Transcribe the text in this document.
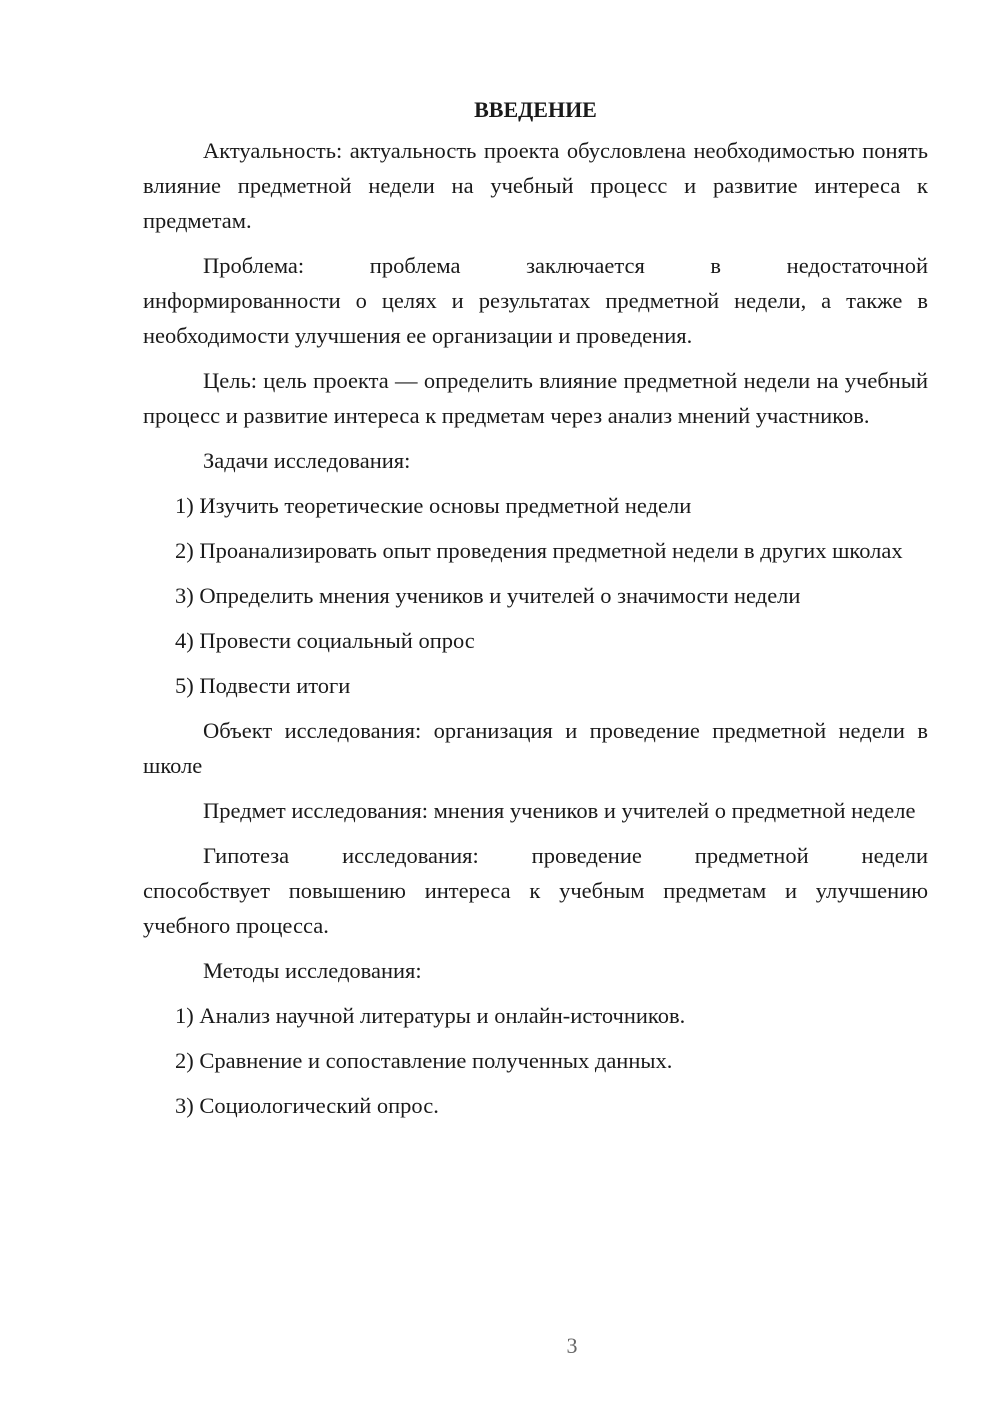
ВВЕДЕНИЕ

Актуальность: актуальность проекта обусловлена необходимостью понять влияние предметной недели на учебный процесс и развитие интереса к предметам.

Проблема: проблема заключается в недостаточной
информированности о целях и результатах предметной недели, а также в необходимости улучшения ее организации и проведения.

Цель: цель проекта — определить влияние предметной недели на учебный процесс и развитие интереса к предметам через анализ мнений участников.

Задачи исследования:

1) Изучить теоретические основы предметной недели

2) Проанализировать опыт проведения предметной недели в других школах

3) Определить мнения учеников и учителей о значимости недели

4) Провести социальный опрос

5) Подвести итоги

Объект исследования: организация и проведение предметной недели в школе

Предмет исследования: мнения учеников и учителей о предметной неделе

Гипотеза исследования: проведение предметной недели
способствует повышению интереса к учебным предметам и улучшению учебного процесса.

Методы исследования:

1) Анализ научной литературы и онлайн-источников.

2) Сравнение и сопоставление полученных данных.

3) Социологический опрос.

3
